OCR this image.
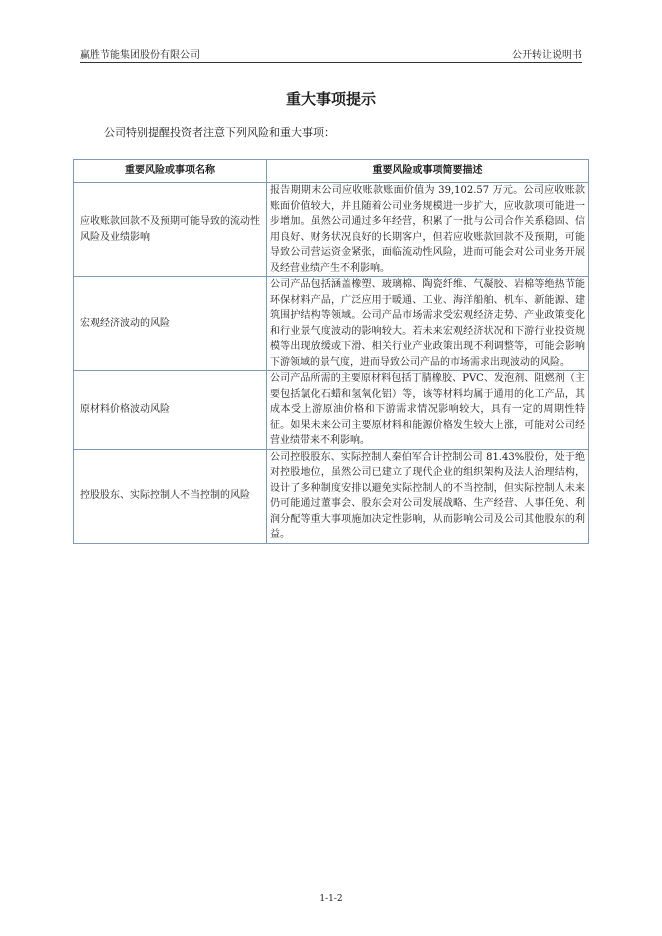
赢胜节能集团股份有限公司	公开转让说明书
重大事项提示
公司特别提醒投资者注意下列风险和重大事项：
重要风险或事项名称	重要风险或事项简要描述
应收账款回款不及预期可能导致的流动性风险及业绩影响	报告期期末公司应收账款账面价值为 39,102.57 万元。公司应收账款账面价值较大，并且随着公司业务规模进一步扩大，应收款项可能进一步增加。虽然公司通过多年经营，积累了一批与公司合作关系稳固、信用良好、财务状况良好的长期客户，但若应收账款回款不及预期，可能导致公司营运资金紧张，面临流动性风险，进而可能会对公司业务开展及经营业绩产生不利影响。
宏观经济波动的风险	公司产品包括涵盖橡塑、玻璃棉、陶瓷纤维、气凝胶、岩棉等绝热节能环保材料产品，广泛应用于暖通、工业、海洋船舶、机车、新能源、建筑围护结构等领域。公司产品市场需求受宏观经济走势、产业政策变化和行业景气度波动的影响较大。若未来宏观经济状况和下游行业投资规模等出现放缓或下滑、相关行业产业政策出现不利调整等，可能会影响下游领域的景气度，进而导致公司产品的市场需求出现波动的风险。
原材料价格波动风险	公司产品所需的主要原材料包括丁腈橡胶、PVC、发泡剂、阻燃剂（主要包括氯化石蜡和氢氧化铝）等，该等材料均属于通用的化工产品，其成本受上游原油价格和下游需求情况影响较大，具有一定的周期性特征。如果未来公司主要原材料和能源价格发生较大上涨，可能对公司经营业绩带来不利影响。
控股股东、实际控制人不当控制的风险	公司控股股东、实际控制人秦伯军合计控制公司 81.43%股份，处于绝对控股地位，虽然公司已建立了现代企业的组织架构及法人治理结构，设计了多种制度安排以避免实际控制人的不当控制，但实际控制人未来仍可能通过董事会、股东会对公司发展战略、生产经营、人事任免、利润分配等重大事项施加决定性影响，从而影响公司及公司其他股东的利益。
1-1-2
